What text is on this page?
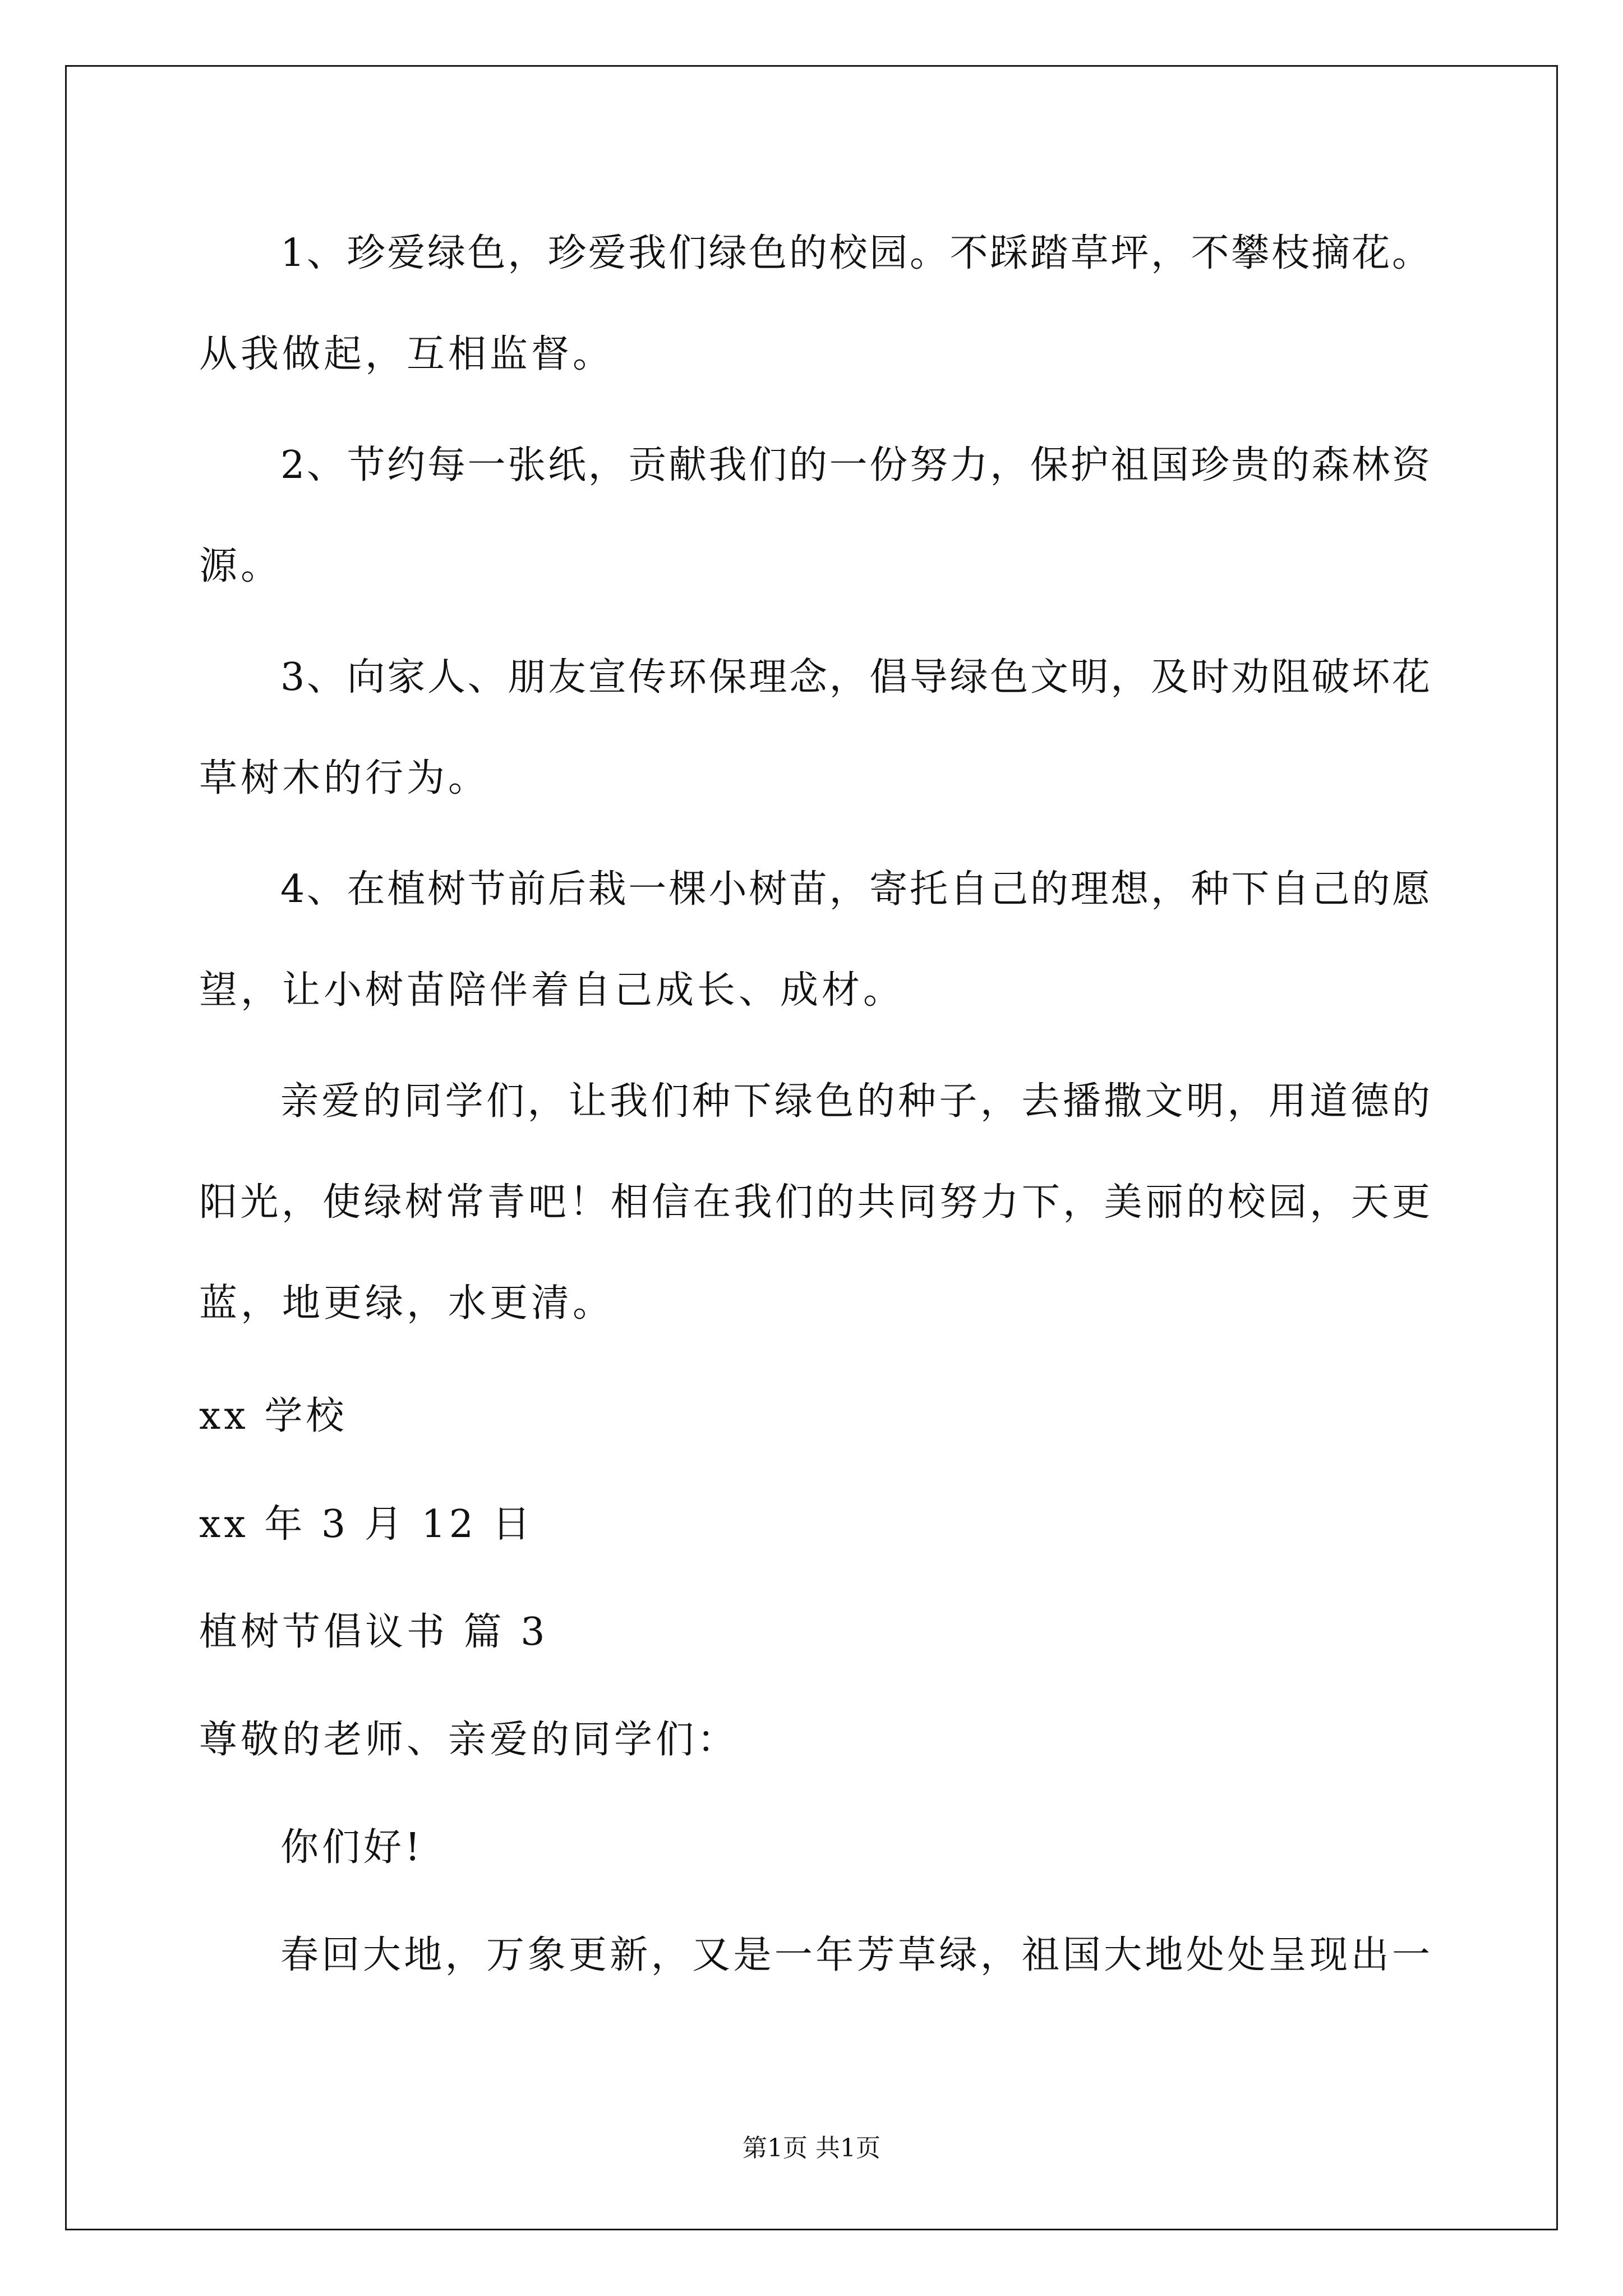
1、珍爱绿色，珍爱我们绿色的校园。不踩踏草坪，不攀枝摘花。
从我做起，互相监督。
2、节约每一张纸，贡献我们的一份努力，保护祖国珍贵的森林资
源。
3、向家人、朋友宣传环保理念，倡导绿色文明，及时劝阻破坏花
草树木的行为。
4、在植树节前后栽一棵小树苗，寄托自己的理想，种下自己的愿
望，让小树苗陪伴着自己成长、成材。
亲爱的同学们，让我们种下绿色的种子，去播撒文明，用道德的
阳光，使绿树常青吧！相信在我们的共同努力下，美丽的校园，天更
蓝，地更绿，水更清。
xx 学校
xx 年 3 月 12 日
植树节倡议书 篇 3
尊敬的老师、亲爱的同学们：
你们好!
春回大地，万象更新，又是一年芳草绿，祖国大地处处呈现出一
第1页 共1页
